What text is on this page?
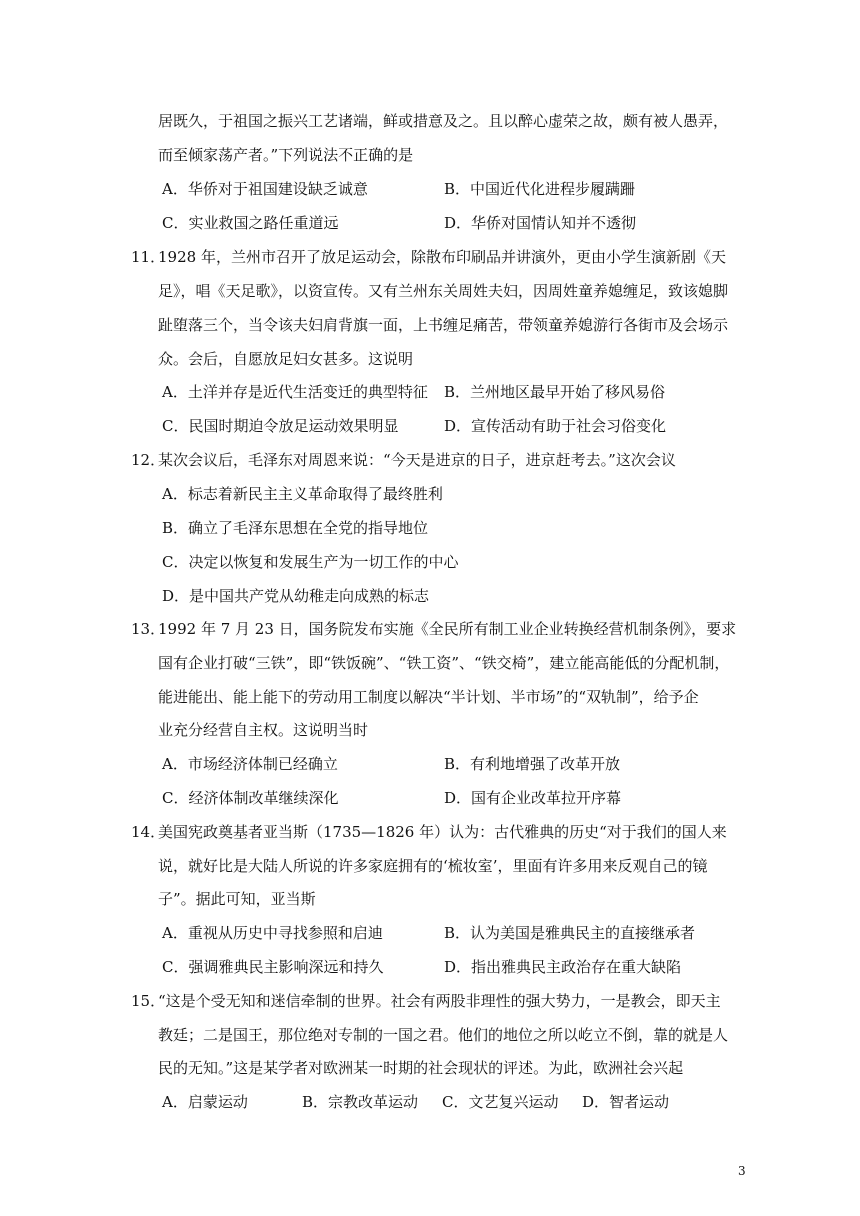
居既久，于祖国之振兴工艺诸端，鲜或措意及之。且以醉心虚荣之故，颇有被人愚弄，
而至倾家荡产者。”下列说法不正确的是
A．华侨对于祖国建设缺乏诚意	B．中国近代化进程步履蹒跚
C．实业救国之路任重道远	D．华侨对国情认知并不透彻
11．
1928 年，兰州市召开了放足运动会，除散布印刷品并讲演外，更由小学生演新剧《天
足》，唱《天足歌》，以资宣传。又有兰州东关周姓夫妇，因周姓童养媳缠足，致该媳脚
趾堕落三个，当令该夫妇肩背旗一面，上书缠足痛苦，带领童养媳游行各街市及会场示
众。会后，自愿放足妇女甚多。这说明
A．土洋并存是近代生活变迁的典型特征 B．兰州地区最早开始了移风易俗
C．民国时期迫令放足运动效果明显	D．宣传活动有助于社会习俗变化
12．
某次会议后，毛泽东对周恩来说：“今天是进京的日子，进京赶考去。”这次会议
A．标志着新民主主义革命取得了最终胜利
B．确立了毛泽东思想在全党的指导地位
C．决定以恢复和发展生产为一切工作的中心
D．是中国共产党从幼稚走向成熟的标志
13．
1992 年 7 月 23 日，国务院发布实施《全民所有制工业企业转换经营机制条例》，要求
国有企业打破“三铁”，即“铁饭碗”、“铁工资”、“铁交椅”，建立能高能低的分配机制，
能进能出、能上能下的劳动用工制度以解决“半计划、半市场”的“双轨制”，给予企
业充分经营自主权。这说明当时
A．市场经济体制已经确立	B．有利地增强了改革开放
C．经济体制改革继续深化	D．国有企业改革拉开序幕
14．
美国宪政奠基者亚当斯（1735—1826 年）认为：古代雅典的历史“对于我们的国人来
说，就好比是大陆人所说的许多家庭拥有的‘梳妆室’，里面有许多用来反观自己的镜
子”。据此可知，亚当斯
A．重视从历史中寻找参照和启迪	B．认为美国是雅典民主的直接继承者
C．强调雅典民主影响深远和持久	D．指出雅典民主政治存在重大缺陷
15．
“这是个受无知和迷信牵制的世界。社会有两股非理性的强大势力，一是教会，即天主
教廷；二是国王，那位绝对专制的一国之君。他们的地位之所以屹立不倒，靠的就是人
民的无知。”这是某学者对欧洲某一时期的社会现状的评述。为此，欧洲社会兴起
A．启蒙运动	B．宗教改革运动 C．文艺复兴运动 D．智者运动
3
